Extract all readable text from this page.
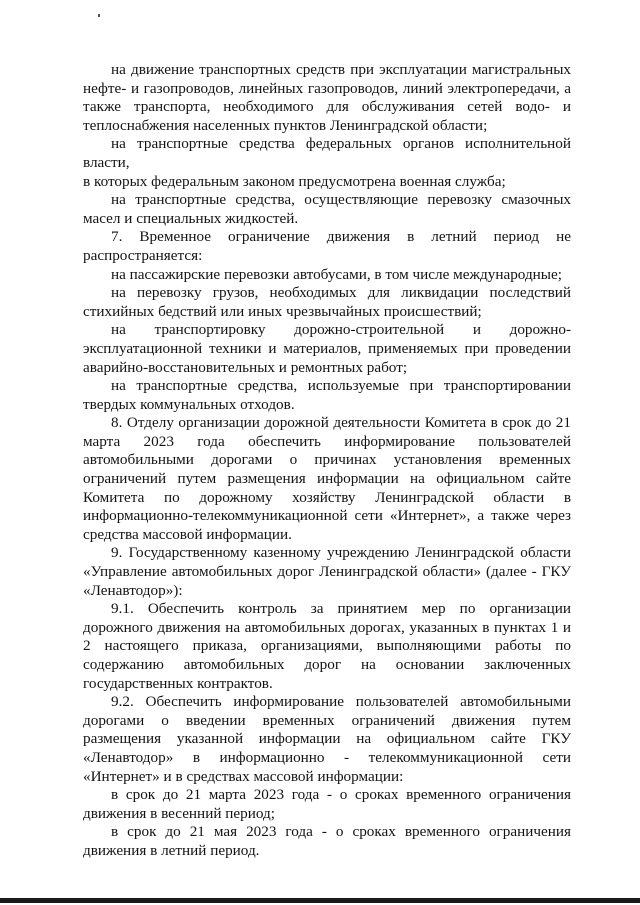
на движение транспортных средств при эксплуатации магистральных нефте- и газопроводов, линейных газопроводов, линий электропередачи, а также транспорта, необходимого для обслуживания сетей водо- и теплоснабжения населенных пунктов Ленинградской области;

на транспортные средства федеральных органов исполнительной власти,

в которых федеральным законом предусмотрена военная служба;

на транспортные средства, осуществляющие перевозку смазочных масел и специальных жидкостей.

7. Временное ограничение движения в летний период не распространяется:

на пассажирские перевозки автобусами, в том числе международные;

на перевозку грузов, необходимых для ликвидации последствий стихийных бедствий или иных чрезвычайных происшествий;

на транспортировку дорожно-строительной и дорожно-эксплуатационной техники и материалов, применяемых при проведении аварийно-восстановительных и ремонтных работ;

на транспортные средства, используемые при транспортировании твердых коммунальных отходов.

8. Отделу организации дорожной деятельности Комитета в срок до 21 марта 2023 года обеспечить информирование пользователей автомобильными дорогами о причинах установления временных ограничений путем размещения информации на официальном сайте Комитета по дорожному хозяйству Ленинградской области в информационно-телекоммуникационной сети «Интернет», а также через средства массовой информации.

9. Государственному казенному учреждению Ленинградской области «Управление автомобильных дорог Ленинградской области» (далее - ГКУ «Ленавтодор»):

9.1. Обеспечить контроль за принятием мер по организации дорожного движения на автомобильных дорогах, указанных в пунктах 1 и 2 настоящего приказа, организациями, выполняющими работы по содержанию автомобильных дорог на основании заключенных государственных контрактов.

9.2. Обеспечить информирование пользователей автомобильными дорогами о введении временных ограничений движения путем размещения указанной информации на официальном сайте ГКУ «Ленавтодор» в информационно - телекоммуникационной сети «Интернет» и в средствах массовой информации:

в срок до 21 марта 2023 года - о сроках временного ограничения движения в весенний период;

в срок до 21 мая 2023 года - о сроках временного ограничения движения в летний период.
